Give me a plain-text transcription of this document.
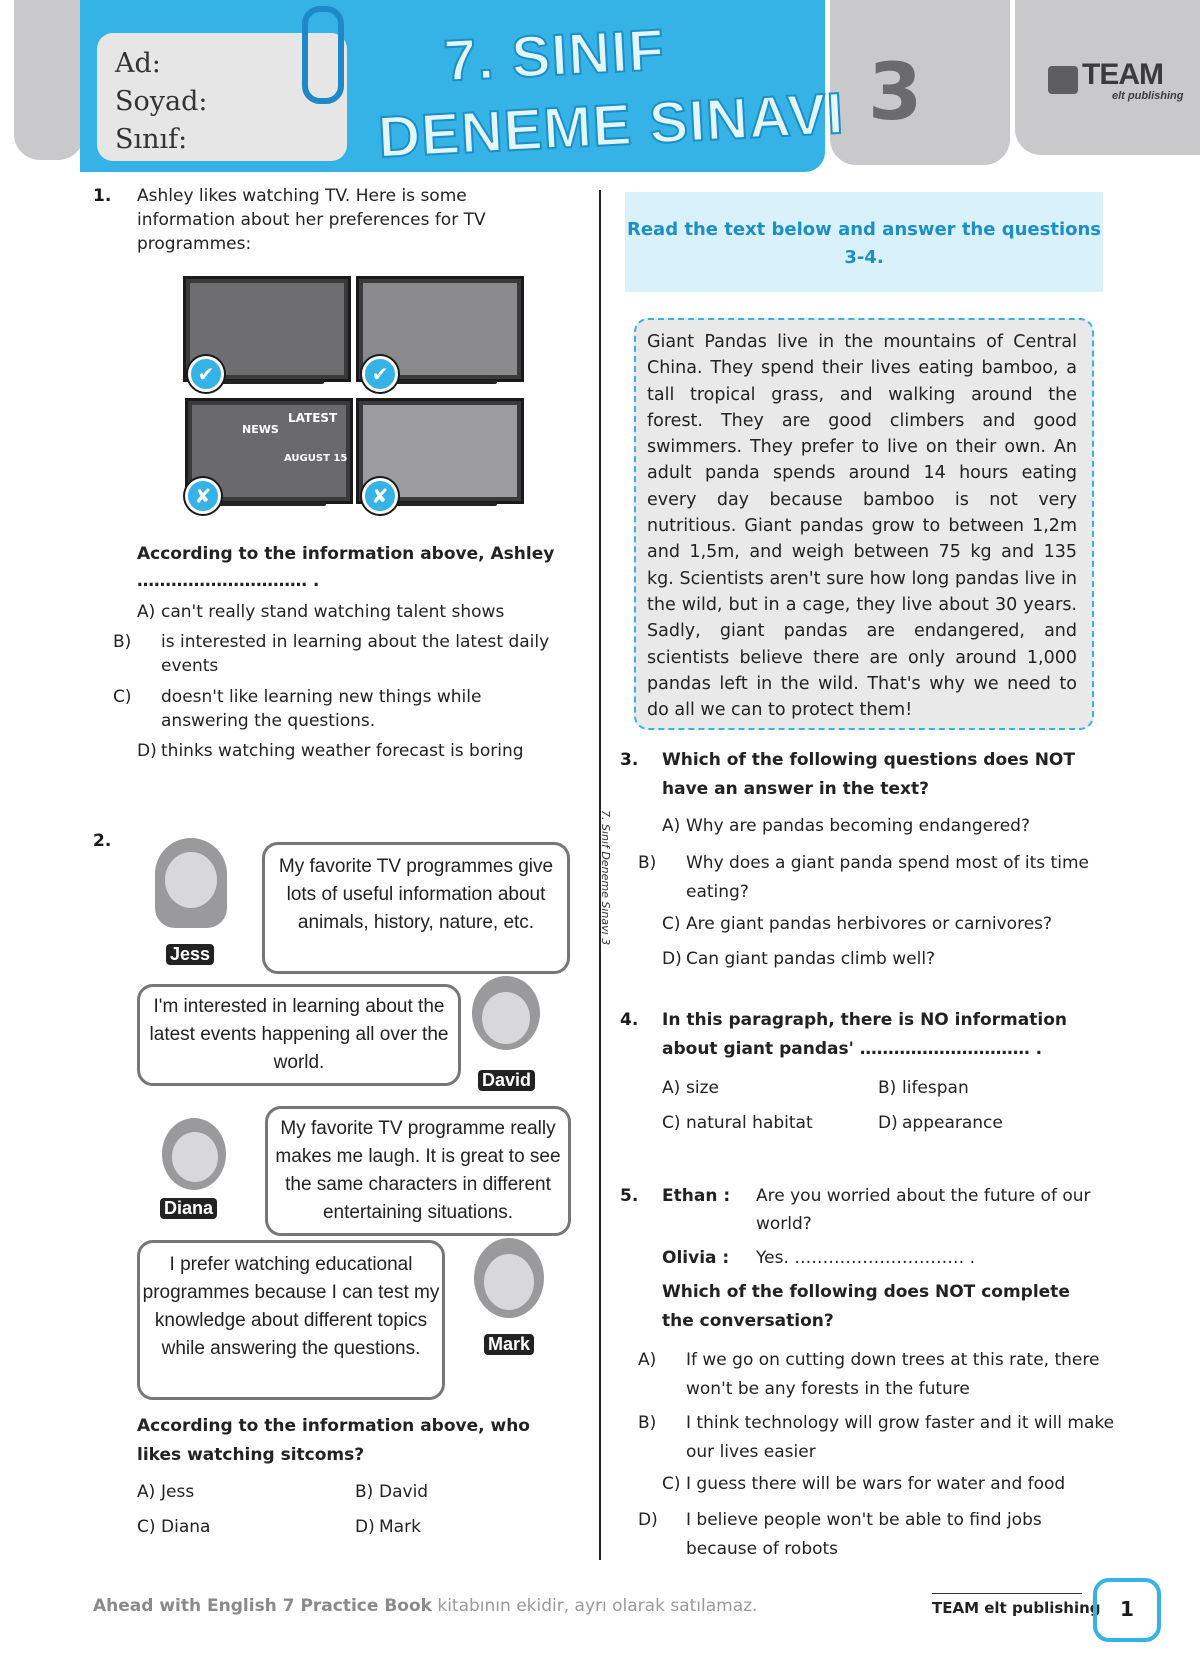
Ad:
Soyad:
Sınıf:
7. SINIF
DENEME SINAVI 3	TEAM
elt publishing
7. Sınıf Deneme Sınavı 3
1. Ashley likes watching TV. Here is some information about her preferences for TV programmes:
✔	✔
NEWS
LATEST
AUGUST 15
✘	✘
According to the information above, Ashley ………………………… .
A) can't really stand watching talent shows
B) is interested in learning about the latest daily events
C) doesn't like learning new things while answering the questions.
D) thinks watching weather forecast is boring
2.
Jess
My favorite TV programmes give lots of useful information about animals, history, nature, etc.
I'm interested in learning about the latest events happening all over the world.
David
Diana
My favorite TV programme really makes me laugh. It is great to see the same characters in different entertaining situations.
I prefer watching educational programmes because I can test my knowledge about different topics while answering the questions.	Mark
According to the information above, who likes watching sitcoms?
A) Jess	B) David
C) Diana	D) Mark
Read the text below and answer the questions 3-4.
Giant Pandas live in the mountains of Central China. They spend their lives eating bamboo, a tall tropical grass, and walking around the forest. They are good climbers and good swimmers. They prefer to live on their own. An adult panda spends around 14 hours eating every day because bamboo is not very nutritious. Giant pandas grow to between 1,2m and 1,5m, and weigh between 75 kg and 135 kg. Scientists aren't sure how long pandas live in the wild, but in a cage, they live about 30 years. Sadly, giant pandas are endangered, and scientists believe there are only around 1,000 pandas left in the wild. That's why we need to do all we can to protect them!
3. Which of the following questions does NOT have an answer in the text?
A) Why are pandas becoming endangered?
B) Why does a giant panda spend most of its time eating?
C) Are giant pandas herbivores or carnivores?
D) Can giant pandas climb well?
4. In this paragraph, there is NO information about giant pandas' ………………………… .
A) size	B) lifespan
C) natural habitat	D) appearance
5. Ethan : Are you worried about the future of our world?
Olivia : Yes. ………………………… .
Which of the following does NOT complete the conversation?
A) If we go on cutting down trees at this rate, there won't be any forests in the future
B) I think technology will grow faster and it will make our lives easier
C) I guess there will be wars for water and food
D) I believe people won't be able to find jobs because of robots
Ahead with English 7 Practice Book kitabının ekidir, ayrı olarak satılamaz.	TEAM elt publishing 1
